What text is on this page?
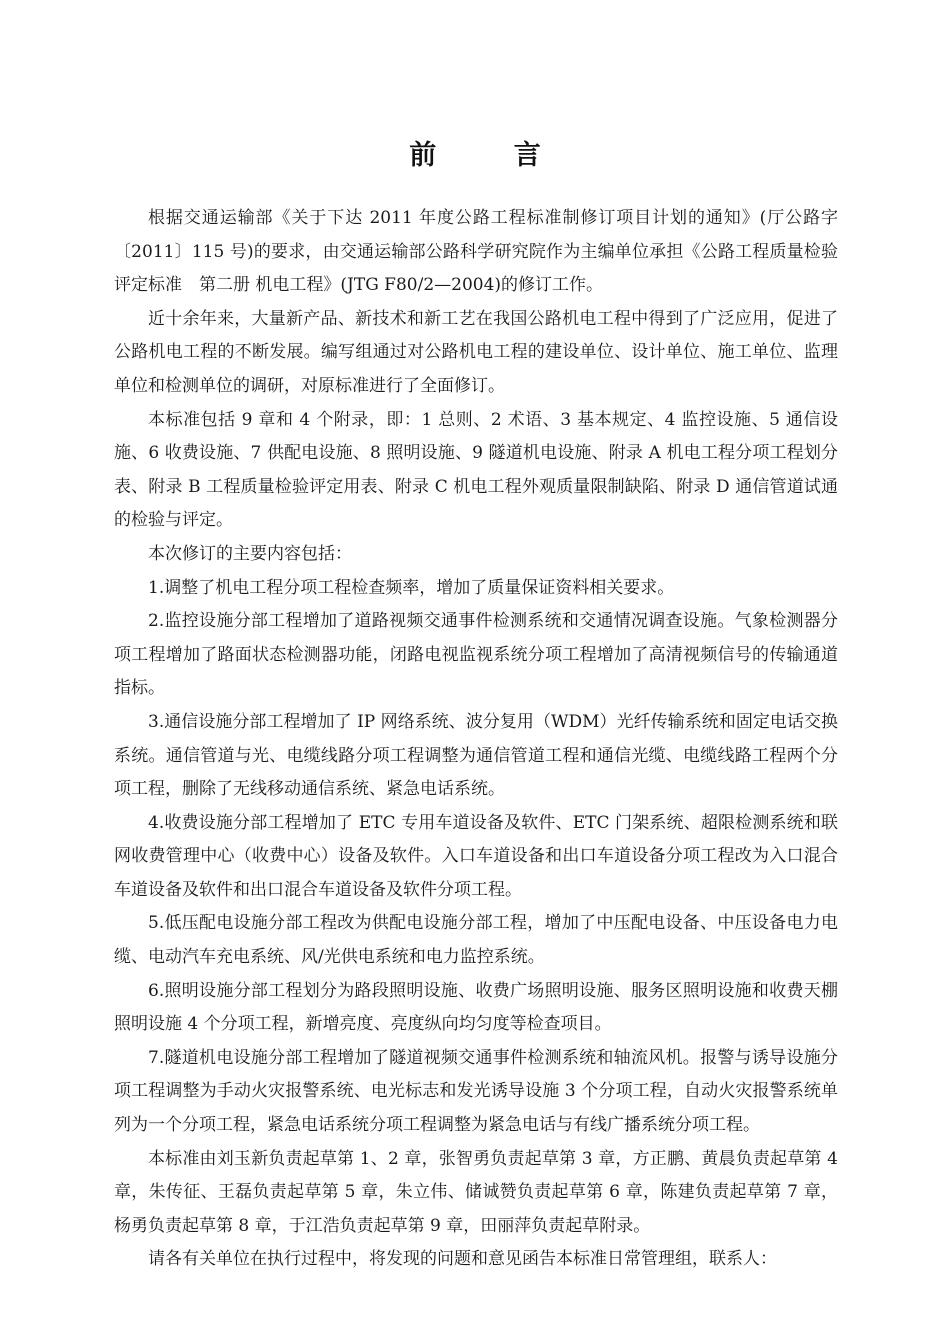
前 言

根据交通运输部《关于下达 2011 年度公路工程标准制修订项目计划的通知》(厅公路字〔2011〕115 号)的要求，由交通运输部公路科学研究院作为主编单位承担《公路工程质量检验评定标准　第二册 机电工程》(JTG F80/2—2004)的修订工作。

近十余年来，大量新产品、新技术和新工艺在我国公路机电工程中得到了广泛应用，促进了公路机电工程的不断发展。编写组通过对公路机电工程的建设单位、设计单位、施工单位、监理单位和检测单位的调研，对原标准进行了全面修订。

本标准包括 9 章和 4 个附录，即：1 总则、2 术语、3 基本规定、4 监控设施、5 通信设施、6 收费设施、7 供配电设施、8 照明设施、9 隧道机电设施、附录 A 机电工程分项工程划分表、附录 B 工程质量检验评定用表、附录 C 机电工程外观质量限制缺陷、附录 D 通信管道试通的检验与评定。

本次修订的主要内容包括：

1.调整了机电工程分项工程检查频率，增加了质量保证资料相关要求。

2.监控设施分部工程增加了道路视频交通事件检测系统和交通情况调查设施。气象检测器分项工程增加了路面状态检测器功能，闭路电视监视系统分项工程增加了高清视频信号的传输通道指标。

3.通信设施分部工程增加了 IP 网络系统、波分复用（WDM）光纤传输系统和固定电话交换系统。通信管道与光、电缆线路分项工程调整为通信管道工程和通信光缆、电缆线路工程两个分项工程，删除了无线移动通信系统、紧急电话系统。

4.收费设施分部工程增加了 ETC 专用车道设备及软件、ETC 门架系统、超限检测系统和联网收费管理中心（收费中心）设备及软件。入口车道设备和出口车道设备分项工程改为入口混合车道设备及软件和出口混合车道设备及软件分项工程。

5.低压配电设施分部工程改为供配电设施分部工程，增加了中压配电设备、中压设备电力电缆、电动汽车充电系统、风/光供电系统和电力监控系统。

6.照明设施分部工程划分为路段照明设施、收费广场照明设施、服务区照明设施和收费天棚照明设施 4 个分项工程，新增亮度、亮度纵向均匀度等检查项目。

7.隧道机电设施分部工程增加了隧道视频交通事件检测系统和轴流风机。报警与诱导设施分项工程调整为手动火灾报警系统、电光标志和发光诱导设施 3 个分项工程，自动火灾报警系统单列为一个分项工程，紧急电话系统分项工程调整为紧急电话与有线广播系统分项工程。

本标准由刘玉新负责起草第 1、2 章，张智勇负责起草第 3 章，方正鹏、黄晨负责起草第 4 章，朱传征、王磊负责起草第 5 章，朱立伟、储诚赞负责起草第 6 章，陈建负责起草第 7 章，杨勇负责起草第 8 章，于江浩负责起草第 9 章，田丽萍负责起草附录。

请各有关单位在执行过程中，将发现的问题和意见函告本标准日常管理组，联系人：
